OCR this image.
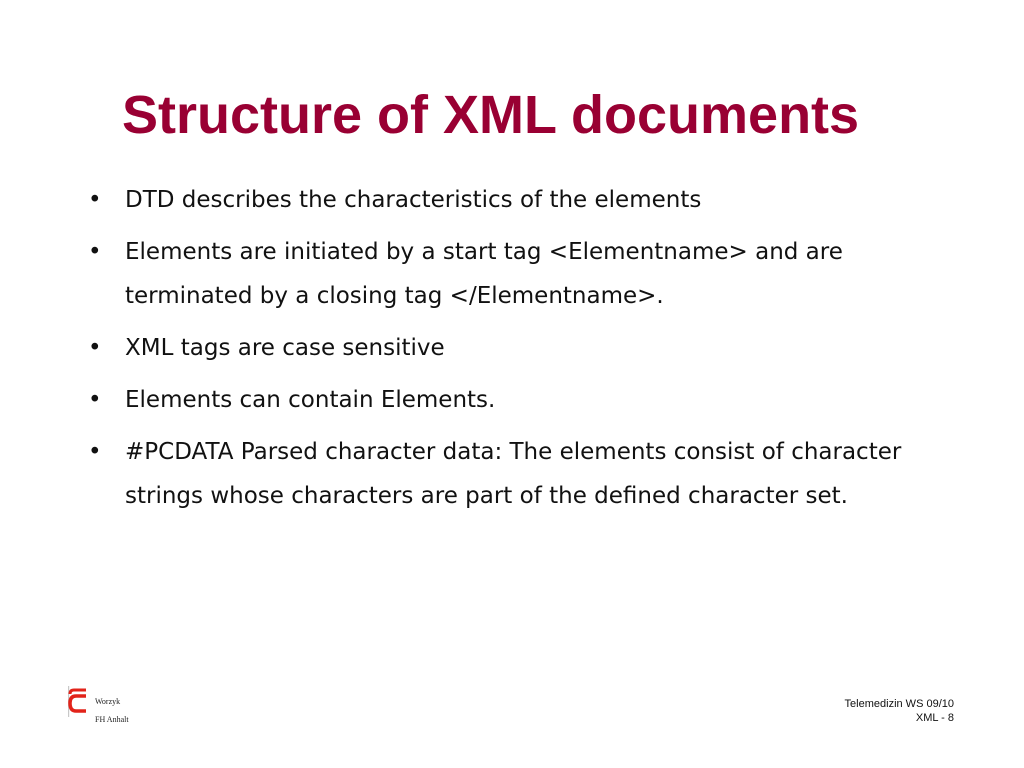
Structure of XML documents
• DTD describes the characteristics of the elements
• Elements are initiated by a start tag <Elementname> and are terminated by a closing tag </Elementname>.
• XML tags are case sensitive
• Elements can contain Elements.
• #PCDATA Parsed character data: The elements consist of character strings whose characters are part of the defined character set.
Worzyk
FH Anhalt
Telemedizin WS 09/10
XML - 8
